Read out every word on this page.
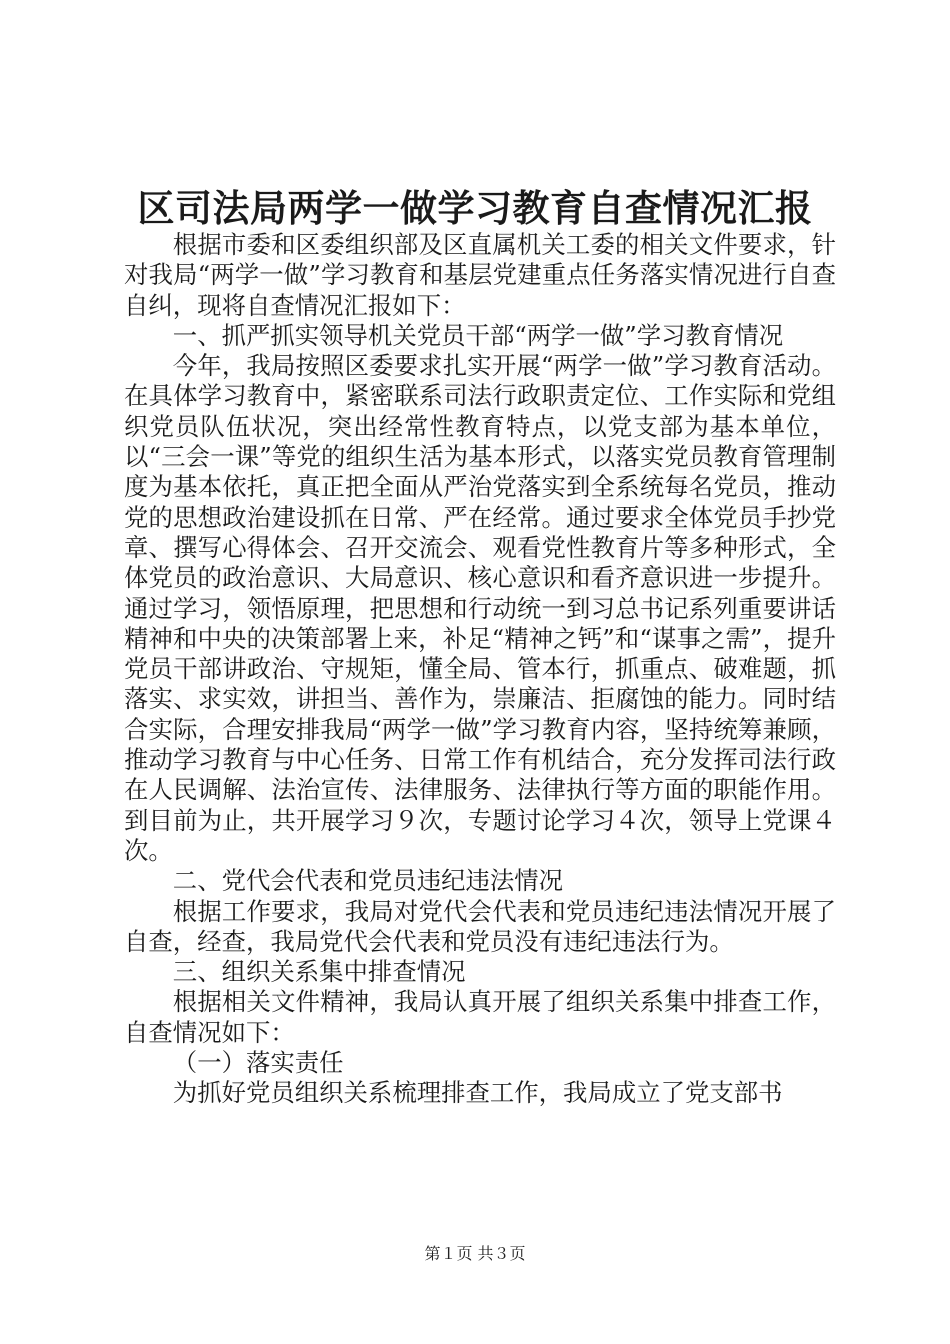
区司法局两学一做学习教育自查情况汇报

根据市委和区委组织部及区直属机关工委的相关文件要求，针对我局“两学一做”学习教育和基层党建重点任务落实情况进行自查自纠，现将自查情况汇报如下：

一、抓严抓实领导机关党员干部“两学一做”学习教育情况

今年，我局按照区委要求扎实开展“两学一做”学习教育活动。在具体学习教育中，紧密联系司法行政职责定位、工作实际和党组织党员队伍状况，突出经常性教育特点，以党支部为基本单位，以“三会一课”等党的组织生活为基本形式，以落实党员教育管理制度为基本依托，真正把全面从严治党落实到全系统每名党员，推动党的思想政治建设抓在日常、严在经常。通过要求全体党员手抄党章、撰写心得体会、召开交流会、观看党性教育片等多种形式，全体党员的政治意识、大局意识、核心意识和看齐意识进一步提升。通过学习，领悟原理，把思想和行动统一到习总书记系列重要讲话精神和中央的决策部署上来，补足“精神之钙”和“谋事之需”，提升党员干部讲政治、守规矩，懂全局、管本行，抓重点、破难题，抓落实、求实效，讲担当、善作为，崇廉洁、拒腐蚀的能力。同时结合实际，合理安排我局“两学一做”学习教育内容，坚持统筹兼顾，推动学习教育与中心任务、日常工作有机结合，充分发挥司法行政在人民调解、法治宣传、法律服务、法律执行等方面的职能作用。到目前为止，共开展学习９次，专题讨论学习４次，领导上党课４次。

二、党代会代表和党员违纪违法情况

根据工作要求，我局对党代会代表和党员违纪违法情况开展了自查，经查，我局党代会代表和党员没有违纪违法行为。

三、组织关系集中排查情况

根据相关文件精神，我局认真开展了组织关系集中排查工作，自查情况如下：

（一）落实责任

为抓好党员组织关系梳理排查工作，我局成立了党支部书

第１页 共３页
